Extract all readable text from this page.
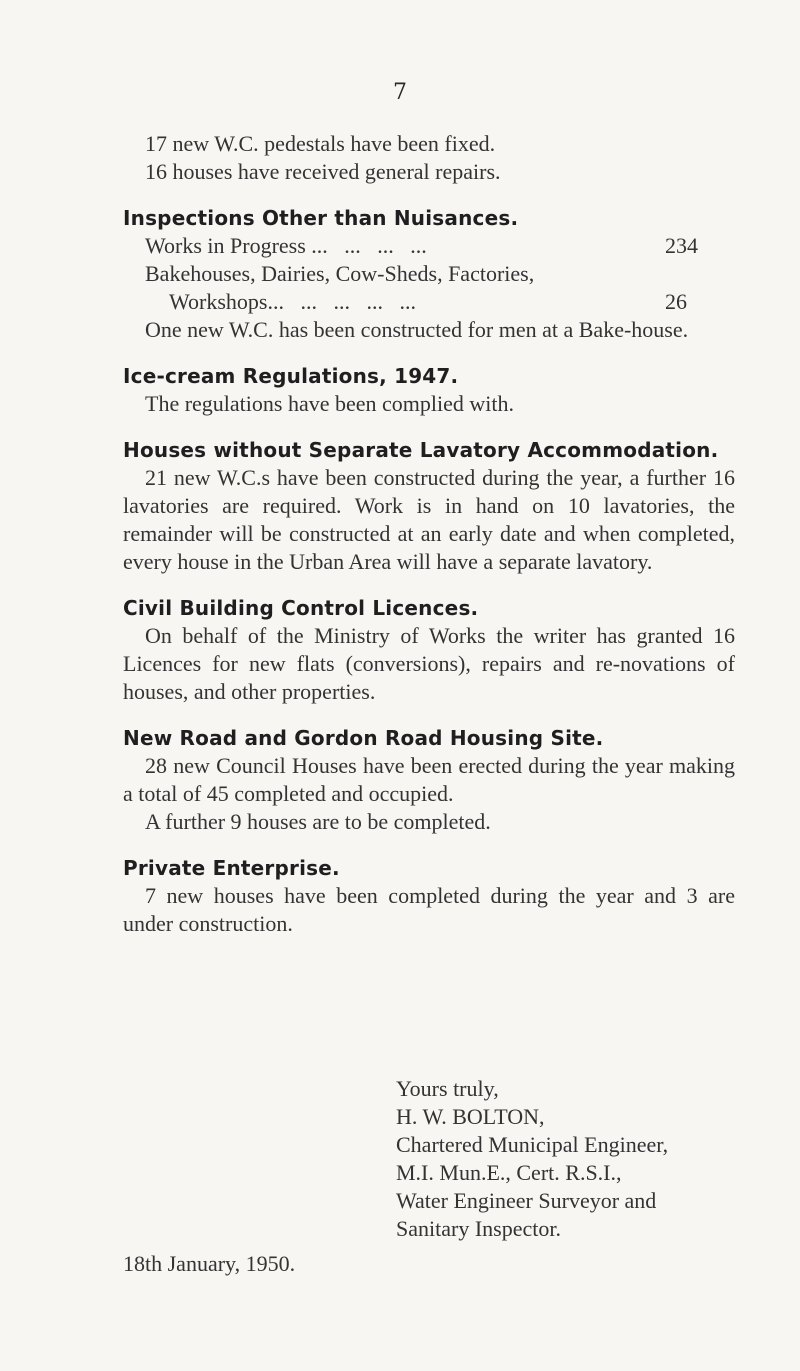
7

17 new W.C. pedestals have been fixed.

16 houses have received general repairs.

Inspections Other than Nuisances.

Works in Progress ...   ...   ...   ...	234

Bakehouses, Dairies, Cow-Sheds, Factories,

Workshops ...   ...   ...   ...   ...	26

One new W.C. has been constructed for men at a Bake-house.

Ice-cream Regulations, 1947.

The regulations have been complied with.

Houses without Separate Lavatory Accommodation.

21 new W.C.s have been constructed during the year, a further 16 lavatories are required. Work is in hand on 10 lavatories, the remainder will be constructed at an early date and when completed, every house in the Urban Area will have a separate lavatory.

Civil Building Control Licences.

On behalf of the Ministry of Works the writer has granted 16 Licences for new flats (conversions), repairs and re-novations of houses, and other properties.

New Road and Gordon Road Housing Site.

28 new Council Houses have been erected during the year making a total of 45 completed and occupied.

A further 9 houses are to be completed.

Private Enterprise.

7 new houses have been completed during the year and 3 are under construction.

Yours truly,
H. W. BOLTON,
Chartered Municipal Engineer,
M.I. Mun.E., Cert. R.S.I.,
Water Engineer Surveyor and
Sanitary Inspector.
18th January, 1950.
